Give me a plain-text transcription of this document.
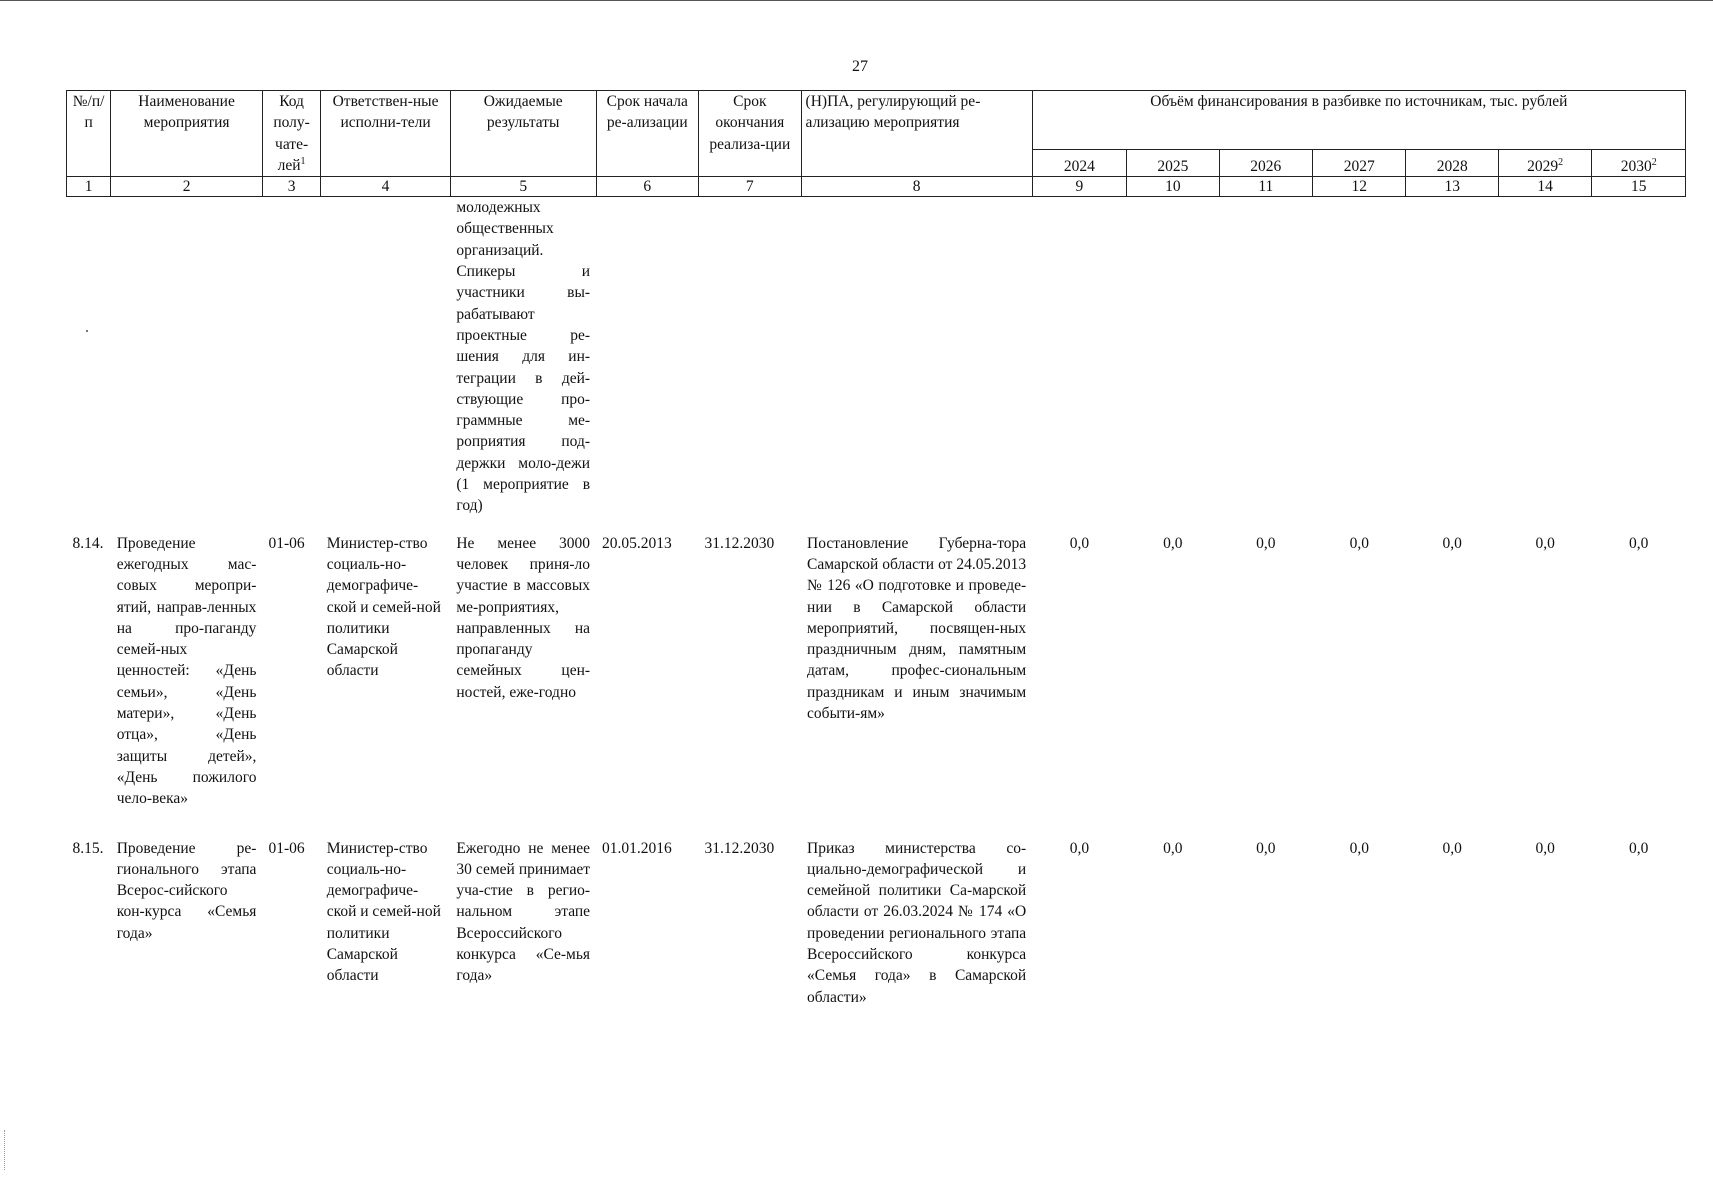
27
№/п/п	Наименование мероприятия	Код полу-чате-лей$^1$	Ответствен-ные исполни-тели	Ожидаемые результаты	Срок начала ре-ализации	Срок окончания реализа-ции	(Н)ПА, регулирующий ре-ализацию мероприятия	Объём финансирования в разбивке по источникам, тыс. рублей						
								2024	2025	2026	2027	2028	2029$^2$	2030$^2$
1	2	3	4	5	6	7	8	9	10	11	12	13	14	15
				молодежных общественных организаций. Спикеры и участники вы-рабатывают проектные ре-шения для ин-теграции в дей-ствующие про-граммные ме-роприятия под-держки моло-дежи (1 мероприятие в год)										
8.14.	Проведение ежегодных мас-совых меропри-ятий, направ-ленных на про-паганду семей-ных ценностей: «День семьи», «День матери», «День отца», «День защиты детей», «День пожилого чело-века»	01-06	Министер-ство социаль-но-демографиче-ской и семей-ной политики Самарской области	Не менее 3000 человек приня-ло участие в массовых ме-роприятиях, направленных на пропаганду семейных цен-ностей, еже-годно	20.05.2013	31.12.2030	Постановление Губерна-тора Самарской области от 24.05.2013 № 126 «О подготовке и проведе-нии в Самарской области мероприятий, посвящен-ных праздничным дням, памятным датам, профес-сиональным праздникам и иным значимым событи-ям»	0,0	0,0	0,0	0,0	0,0	0,0	0,0
8.15.	Проведение ре-гионального этапа Всерос-сийского кон-курса «Семья года»	01-06	Министер-ство социаль-но-демографиче-ской и семей-ной политики Самарской области	Ежегодно не менее 30 семей принимает уча-стие в регио-нальном этапе Всероссийского конкурса «Се-мья года»	01.01.2016	31.12.2030	Приказ министерства со-циально-демографической и семейной политики Са-марской области от 26.03.2024 № 174 «О проведении регионального этапа Всероссийского конкурса «Семья года» в Самарской области»	0,0	0,0	0,0	0,0	0,0	0,0	0,0
